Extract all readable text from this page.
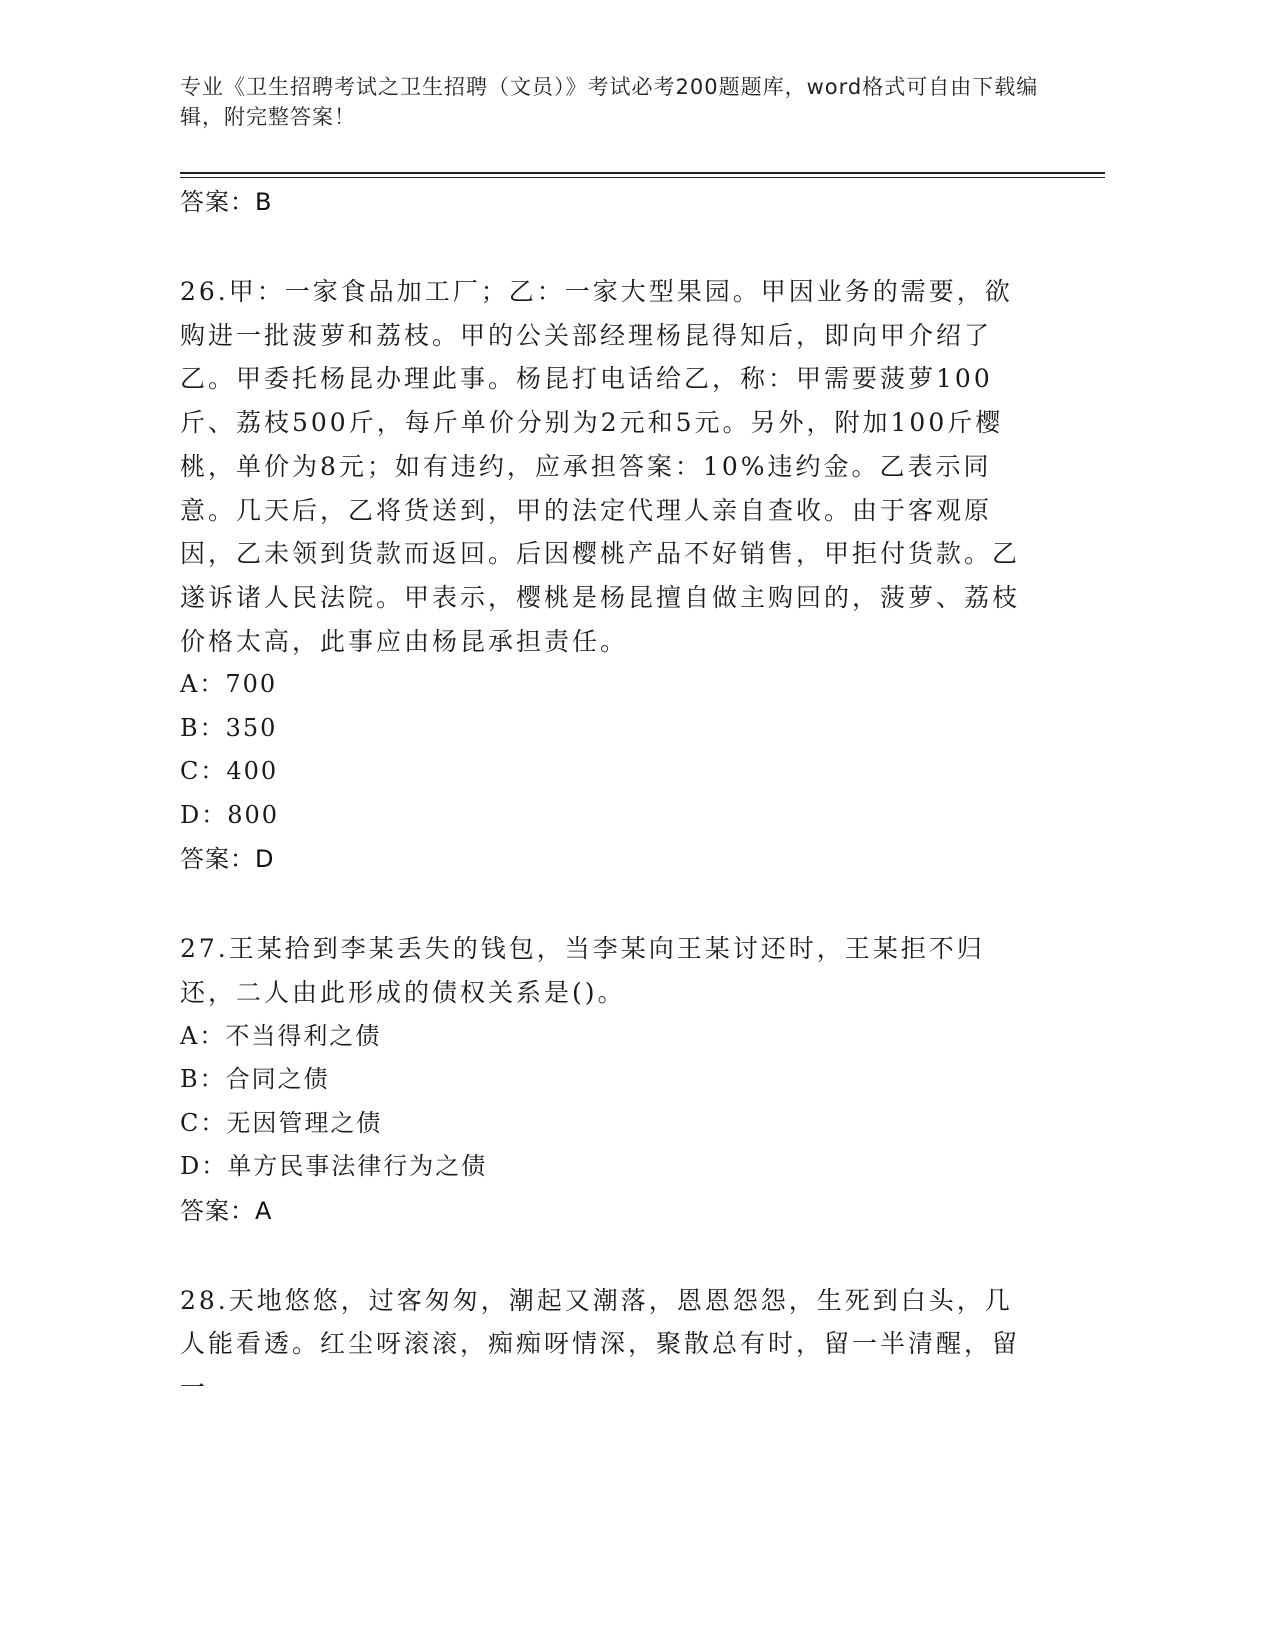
专业《卫生招聘考试之卫生招聘（文员）》考试必考200题题库，word格式可自由下载编辑，附完整答案！
答案：B

26.甲：一家食品加工厂；乙：一家大型果园。甲因业务的需要，欲购进一批菠萝和荔枝。甲的公关部经理杨昆得知后，即向甲介绍了乙。甲委托杨昆办理此事。杨昆打电话给乙，称：甲需要菠萝100斤、荔枝500斤，每斤单价分别为2元和5元。另外，附加100斤樱桃，单价为8元；如有违约，应承担答案：10%违约金。乙表示同意。几天后，乙将货送到，甲的法定代理人亲自查收。由于客观原因，乙未领到货款而返回。后因樱桃产品不好销售，甲拒付货款。乙遂诉诸人民法院。甲表示，樱桃是杨昆擅自做主购回的，菠萝、荔枝价格太高，此事应由杨昆承担责任。

A：700
B：350
C：400
D：800
答案：D

27.王某拾到李某丢失的钱包，当李某向王某讨还时，王某拒不归还，二人由此形成的债权关系是()。

A：不当得利之债
B：合同之债
C：无因管理之债
D：单方民事法律行为之债
答案：A

28.天地悠悠，过客匆匆，潮起又潮落，恩恩怨怨，生死到白头，几人能看透。红尘呀滚滚，痴痴呀情深，聚散总有时，留一半清醒，留一
